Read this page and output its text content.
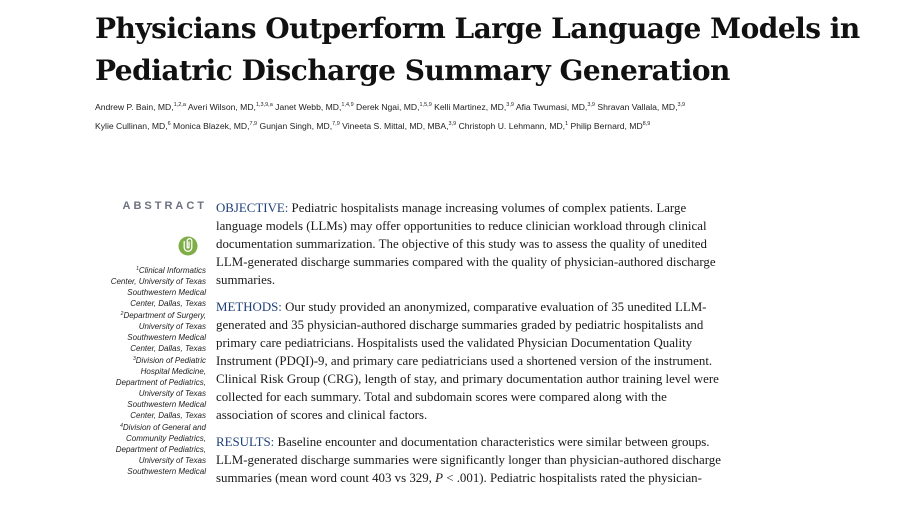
Physicians Outperform Large Language Models in
Pediatric Discharge Summary Generation
Andrew P. Bain, MD,$^{1,2,a}$ Averi Wilson, MD,$^{1,3,9,a}$ Janet Webb, MD,$^{1,4,9}$ Derek Ngai, MD,$^{1,5,9}$ Kelli Martinez, MD,$^{3,9}$ Afia Twumasi, MD,$^{3,9}$ Shravan Vallala, MD,$^{3,9}$
Kylie Cullinan, MD,$^6$ Monica Blazek, MD,$^{7,9}$ Gunjan Singh, MD,$^{7,9}$ Vineeta S. Mittal, MD, MBA,$^{3,9}$ Christoph U. Lehmann, MD,$^1$ Philip Bernard, MD$^{8,9}$
ABSTRACT
$^1$Clinical Informatics
Center, University of Texas
Southwestern Medical
Center, Dallas, Texas
$^2$Department of Surgery,
University of Texas
Southwestern Medical
Center, Dallas, Texas
$^3$Division of Pediatric
Hospital Medicine,
Department of Pediatrics,
University of Texas
Southwestern Medical
Center, Dallas, Texas
$^4$Division of General and
Community Pediatrics,
Department of Pediatrics,
University of Texas
Southwestern Medical

OBJECTIVE: Pediatric hospitalists manage increasing volumes of complex patients. Large
language models (LLMs) may offer opportunities to reduce clinician workload through clinical
documentation summarization. The objective of this study was to assess the quality of unedited
LLM-generated discharge summaries compared with the quality of physician-authored discharge
summaries.

METHODS: Our study provided an anonymized, comparative evaluation of 35 unedited LLM-
generated and 35 physician-authored discharge summaries graded by pediatric hospitalists and
primary care pediatricians. Hospitalists used the validated Physician Documentation Quality
Instrument (PDQI)-9, and primary care pediatricians used a shortened version of the instrument.
Clinical Risk Group (CRG), length of stay, and primary documentation author training level were
collected for each summary. Total and subdomain scores were compared along with the
association of scores and clinical factors.

RESULTS: Baseline encounter and documentation characteristics were similar between groups.
LLM-generated discharge summaries were significantly longer than physician-authored discharge
summaries (mean word count 403 vs 329, P < .001). Pediatric hospitalists rated the physician-
